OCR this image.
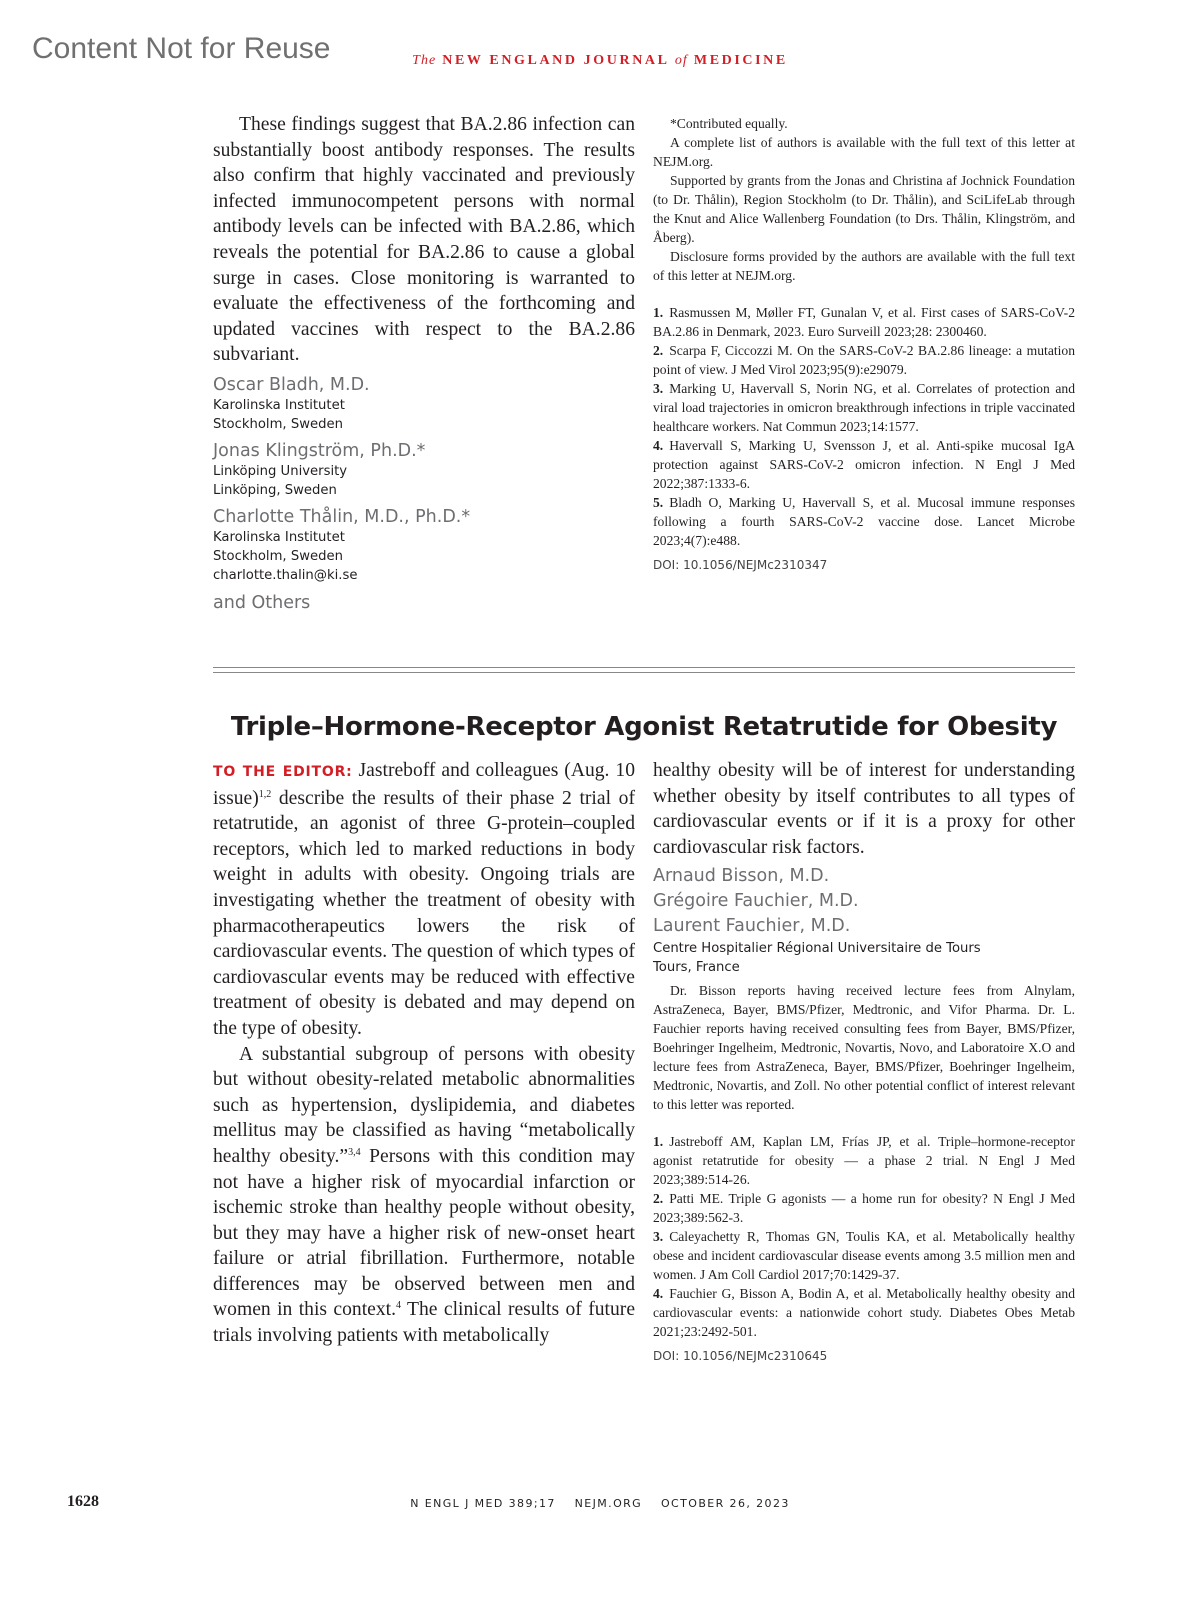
Content Not for Reuse	The NEW ENGLAND JOURNAL of MEDICINE

These findings suggest that BA.2.86 infection can substantially boost antibody responses. The results also confirm that highly vaccinated and previously infected immunocompetent persons with normal antibody levels can be infected with BA.2.86, which reveals the potential for BA.2.86 to cause a global surge in cases. Close monitoring is warranted to evaluate the effectiveness of the forthcoming and updated vaccines with respect to the BA.2.86 subvariant.

Oscar Bladh, M.D.
Karolinska Institutet
Stockholm, Sweden
Jonas Klingström, Ph.D.*
Linköping University
Linköping, Sweden
Charlotte Thålin, M.D., Ph.D.*
Karolinska Institutet
Stockholm, Sweden
charlotte.thalin@ki.se
and Others

*Contributed equally.

A complete list of authors is available with the full text of this letter at NEJM.org.

Supported by grants from the Jonas and Christina af Jochnick Foundation (to Dr. Thålin), Region Stockholm (to Dr. Thålin), and SciLifeLab through the Knut and Alice Wallenberg Foundation (to Drs. Thålin, Klingström, and Åberg).

Disclosure forms provided by the authors are available with the full text of this letter at NEJM.org.

1. Rasmussen M, Møller FT, Gunalan V, et al. First cases of SARS-CoV-2 BA.2.86 in Denmark, 2023. Euro Surveill 2023;28: 2300460.
2. Scarpa F, Ciccozzi M. On the SARS-CoV-2 BA.2.86 lineage: a mutation point of view. J Med Virol 2023;95(9):e29079.
3. Marking U, Havervall S, Norin NG, et al. Correlates of protection and viral load trajectories in omicron breakthrough infections in triple vaccinated healthcare workers. Nat Commun 2023;14:1577.
4. Havervall S, Marking U, Svensson J, et al. Anti-spike mucosal IgA protection against SARS-CoV-2 omicron infection. N Engl J Med 2022;387:1333-6.
5. Bladh O, Marking U, Havervall S, et al. Mucosal immune responses following a fourth SARS-CoV-2 vaccine dose. Lancet Microbe 2023;4(7):e488.
DOI: 10.1056/NEJMc2310347
Triple–Hormone-Receptor Agonist Retatrutide for Obesity

TO THE EDITOR: Jastreboff and colleagues (Aug. 10 issue)$^{1,2}$ describe the results of their phase 2 trial of retatrutide, an agonist of three G-protein–coupled receptors, which led to marked reductions in body weight in adults with obesity. Ongoing trials are investigating whether the treatment of obesity with pharmacotherapeutics lowers the risk of cardiovascular events. The question of which types of cardiovascular events may be reduced with effective treatment of obesity is debated and may depend on the type of obesity.

A substantial subgroup of persons with obesity but without obesity-related metabolic abnormalities such as hypertension, dyslipidemia, and diabetes mellitus may be classified as having “metabolically healthy obesity.”$^{3,4}$ Persons with this condition may not have a higher risk of myocardial infarction or ischemic stroke than healthy people without obesity, but they may have a higher risk of new-onset heart failure or atrial fibrillation. Furthermore, notable differences may be observed between men and women in this context.$^4$ The clinical results of future trials involving patients with metabolically

healthy obesity will be of interest for understanding whether obesity by itself contributes to all types of cardiovascular events or if it is a proxy for other cardiovascular risk factors.

Arnaud Bisson, M.D.
Grégoire Fauchier, M.D.
Laurent Fauchier, M.D.
Centre Hospitalier Régional Universitaire de Tours
Tours, France

Dr. Bisson reports having received lecture fees from Alnylam, AstraZeneca, Bayer, BMS/Pfizer, Medtronic, and Vifor Pharma. Dr. L. Fauchier reports having received consulting fees from Bayer, BMS/Pfizer, Boehringer Ingelheim, Medtronic, Novartis, Novo, and Laboratoire X.O and lecture fees from AstraZeneca, Bayer, BMS/Pfizer, Boehringer Ingelheim, Medtronic, Novartis, and Zoll. No other potential conflict of interest relevant to this letter was reported.

1. Jastreboff AM, Kaplan LM, Frías JP, et al. Triple–hormone-receptor agonist retatrutide for obesity — a phase 2 trial. N Engl J Med 2023;389:514-26.
2. Patti ME. Triple G agonists — a home run for obesity? N Engl J Med 2023;389:562-3.
3. Caleyachetty R, Thomas GN, Toulis KA, et al. Metabolically healthy obese and incident cardiovascular disease events among 3.5 million men and women. J Am Coll Cardiol 2017;70:1429-37.
4. Fauchier G, Bisson A, Bodin A, et al. Metabolically healthy obesity and cardiovascular events: a nationwide cohort study. Diabetes Obes Metab 2021;23:2492-501.
DOI: 10.1056/NEJMc2310645
1628	N ENGL J MED 389;17 NEJM.ORG OCTOBER 26, 2023
